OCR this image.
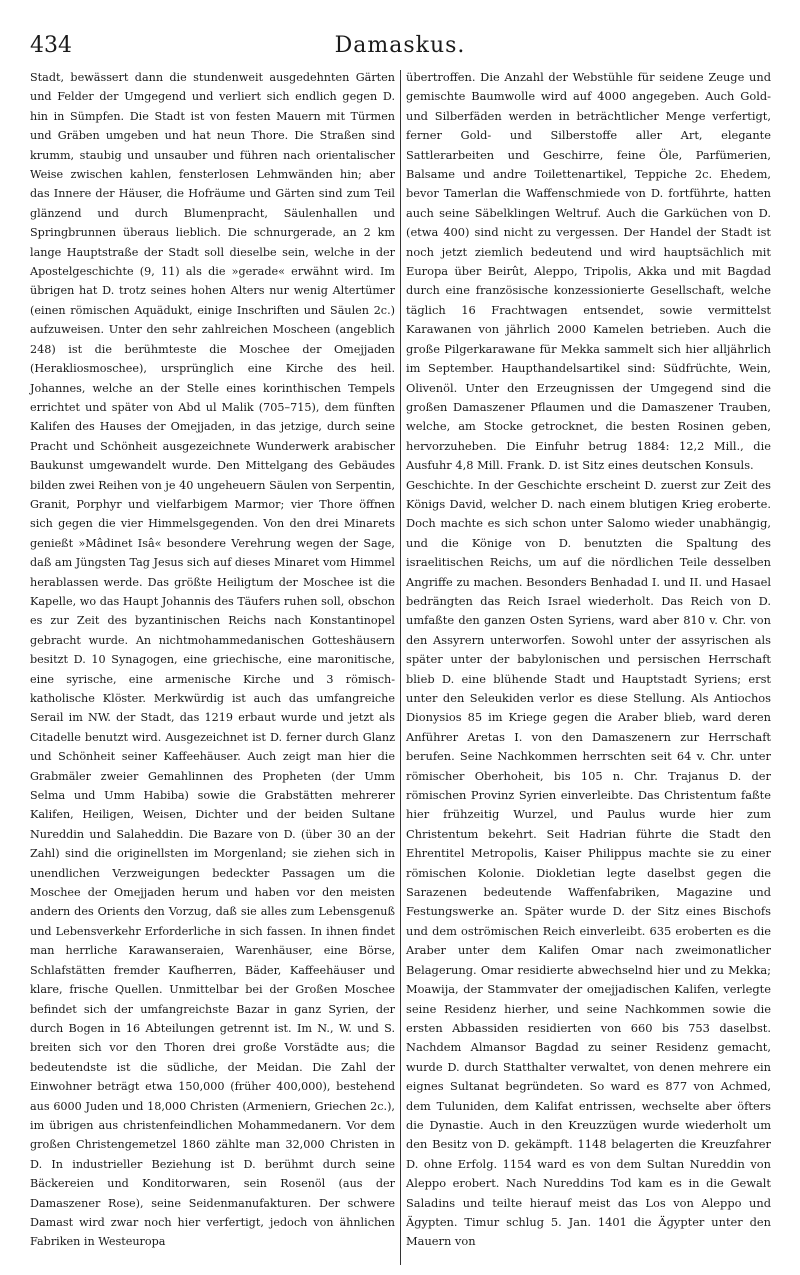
434	Damaskus.

Stadt, bewässert dann die stundenweit ausgedehnten Gärten und Felder der Umgegend und verliert sich endlich gegen D. hin in Sümpfen. Die Stadt ist von festen Mauern mit Türmen und Gräben umgeben und hat neun Thore. Die Straßen sind krumm, staubig und unsauber und führen nach orientalischer Weise zwischen kahlen, fensterlosen Lehmwänden hin; aber das Innere der Häuser, die Hofräume und Gärten sind zum Teil glänzend und durch Blumenpracht, Säulenhallen und Springbrunnen überaus lieblich. Die schnurgerade, an 2 km lange Hauptstraße der Stadt soll dieselbe sein, welche in der Apostelgeschichte (9, 11) als die »gerade« erwähnt wird. Im übrigen hat D. trotz seines hohen Alters nur wenig Altertümer (einen römischen Aquädukt, einige Inschriften und Säulen 2c.) aufzuweisen. Unter den sehr zahlreichen Moscheen (angeblich 248) ist die berühmteste die Moschee der Omejjaden (Herakliosmoschee), ursprünglich eine Kirche des heil. Johannes, welche an der Stelle eines korinthischen Tempels errichtet und später von Abd ul Malik (705–715), dem fünften Kalifen des Hauses der Omejjaden, in das jetzige, durch seine Pracht und Schönheit ausgezeichnete Wunderwerk arabischer Baukunst umgewandelt wurde. Den Mittelgang des Gebäudes bilden zwei Reihen von je 40 ungeheuern Säulen von Serpentin, Granit, Porphyr und vielfarbigem Marmor; vier Thore öffnen sich gegen die vier Himmelsgegenden. Von den drei Minarets genießt »Mâdinet Isâ« besondere Verehrung wegen der Sage, daß am Jüngsten Tag Jesus sich auf dieses Minaret vom Himmel herablassen werde. Das größte Heiligtum der Moschee ist die Kapelle, wo das Haupt Johannis des Täufers ruhen soll, obschon es zur Zeit des byzantinischen Reichs nach Konstantinopel gebracht wurde. An nichtmohammedanischen Gotteshäusern besitzt D. 10 Synagogen, eine griechische, eine maronitische, eine syrische, eine armenische Kirche und 3 römisch-katholische Klöster. Merkwürdig ist auch das umfangreiche Serail im NW. der Stadt, das 1219 erbaut wurde und jetzt als Citadelle benutzt wird. Ausgezeichnet ist D. ferner durch Glanz und Schönheit seiner Kaffeehäuser. Auch zeigt man hier die Grabmäler zweier Gemahlinnen des Propheten (der Umm Selma und Umm Habiba) sowie die Grabstätten mehrerer Kalifen, Heiligen, Weisen, Dichter und der beiden Sultane Nureddin und Salaheddin. Die Bazare von D. (über 30 an der Zahl) sind die originellsten im Morgenland; sie ziehen sich in unendlichen Verzweigungen bedeckter Passagen um die Moschee der Omejjaden herum und haben vor den meisten andern des Orients den Vorzug, daß sie alles zum Lebensgenuß und Lebensverkehr Erforderliche in sich fassen. In ihnen findet man herrliche Karawanseraien, Warenhäuser, eine Börse, Schlafstätten fremder Kaufherren, Bäder, Kaffeehäuser und klare, frische Quellen. Unmittelbar bei der Großen Moschee befindet sich der umfangreichste Bazar in ganz Syrien, der durch Bogen in 16 Abteilungen getrennt ist. Im N., W. und S. breiten sich vor den Thoren drei große Vorstädte aus; die bedeutendste ist die südliche, der Meidan. Die Zahl der Einwohner beträgt etwa 150,000 (früher 400,000), bestehend aus 6000 Juden und 18,000 Christen (Armeniern, Griechen 2c.), im übrigen aus christenfeindlichen Mohammedanern. Vor dem großen Christengemetzel 1860 zählte man 32,000 Christen in D. In industrieller Beziehung ist D. berühmt durch seine Bäckereien und Konditorwaren, sein Rosenöl (aus der Damaszener Rose), seine Seidenmanufakturen. Der schwere Damast wird zwar noch hier verfertigt, jedoch von ähnlichen Fabriken in Westeuropa

übertroffen. Die Anzahl der Webstühle für seidene Zeuge und gemischte Baumwolle wird auf 4000 angegeben. Auch Gold- und Silberfäden werden in beträchtlicher Menge verfertigt, ferner Gold- und Silberstoffe aller Art, elegante Sattlerarbeiten und Geschirre, feine Öle, Parfümerien, Balsame und andre Toilettenartikel, Teppiche 2c. Ehedem, bevor Tamerlan die Waffenschmiede von D. fortführte, hatten auch seine Säbelklingen Weltruf. Auch die Garküchen von D. (etwa 400) sind nicht zu vergessen. Der Handel der Stadt ist noch jetzt ziemlich bedeutend und wird hauptsächlich mit Europa über Beirût, Aleppo, Tripolis, Akka und mit Bagdad durch eine französische konzessionierte Gesellschaft, welche täglich 16 Frachtwagen entsendet, sowie vermittelst Karawanen von jährlich 2000 Kamelen betrieben. Auch die große Pilgerkarawane für Mekka sammelt sich hier alljährlich im September. Haupthandelsartikel sind: Südfrüchte, Wein, Olivenöl. Unter den Erzeugnissen der Umgegend sind die großen Damaszener Pflaumen und die Damaszener Trauben, welche, am Stocke getrocknet, die besten Rosinen geben, hervorzuheben. Die Einfuhr betrug 1884: 12,2 Mill., die Ausfuhr 4,8 Mill. Frank. D. ist Sitz eines deutschen Konsuls.
Geschichte. In der Geschichte erscheint D. zuerst zur Zeit des Königs David, welcher D. nach einem blutigen Krieg eroberte. Doch machte es sich schon unter Salomo wieder unabhängig, und die Könige von D. benutzten die Spaltung des israelitischen Reichs, um auf die nördlichen Teile desselben Angriffe zu machen. Besonders Benhadad I. und II. und Hasael bedrängten das Reich Israel wiederholt. Das Reich von D. umfaßte den ganzen Osten Syriens, ward aber 810 v. Chr. von den Assyrern unterworfen. Sowohl unter der assyrischen als später unter der babylonischen und persischen Herrschaft blieb D. eine blühende Stadt und Hauptstadt Syriens; erst unter den Seleukiden verlor es diese Stellung. Als Antiochos Dionysios 85 im Kriege gegen die Araber blieb, ward deren Anführer Aretas I. von den Damaszenern zur Herrschaft berufen. Seine Nachkommen herrschten seit 64 v. Chr. unter römischer Oberhoheit, bis 105 n. Chr. Trajanus D. der römischen Provinz Syrien einverleibte. Das Christentum faßte hier frühzeitig Wurzel, und Paulus wurde hier zum Christentum bekehrt. Seit Hadrian führte die Stadt den Ehrentitel Metropolis, Kaiser Philippus machte sie zu einer römischen Kolonie. Diokletian legte daselbst gegen die Sarazenen bedeutende Waffenfabriken, Magazine und Festungswerke an. Später wurde D. der Sitz eines Bischofs und dem oströmischen Reich einverleibt. 635 eroberten es die Araber unter dem Kalifen Omar nach zweimonatlicher Belagerung. Omar residierte abwechselnd hier und zu Mekka; Moawija, der Stammvater der omejjadischen Kalifen, verlegte seine Residenz hierher, und seine Nachkommen sowie die ersten Abbassiden residierten von 660 bis 753 daselbst. Nachdem Almansor Bagdad zu seiner Residenz gemacht, wurde D. durch Statthalter verwaltet, von denen mehrere ein eignes Sultanat begründeten. So ward es 877 von Achmed, dem Tuluniden, dem Kalifat entrissen, wechselte aber öfters die Dynastie. Auch in den Kreuzzügen wurde wiederholt um den Besitz von D. gekämpft. 1148 belagerten die Kreuzfahrer D. ohne Erfolg. 1154 ward es von dem Sultan Nureddin von Aleppo erobert. Nach Nureddins Tod kam es in die Gewalt Saladins und teilte hierauf meist das Los von Aleppo und Ägypten. Timur schlug 5. Jan. 1401 die Ägypter unter den Mauern von
